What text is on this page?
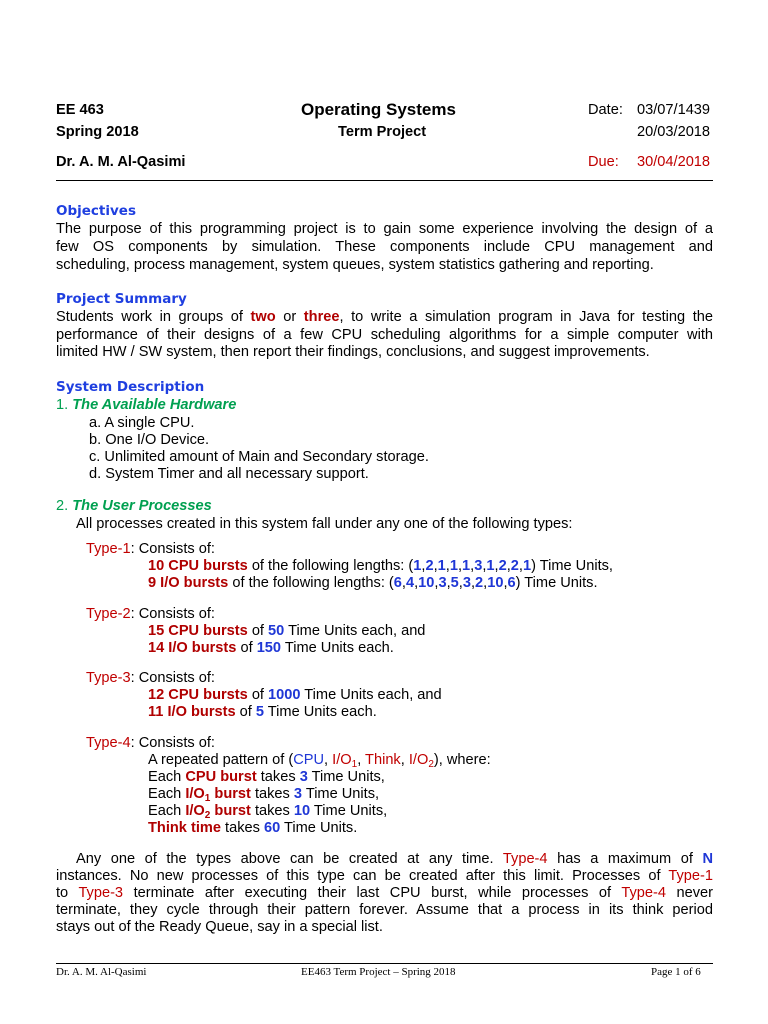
EE 463	Operating Systems	Date: 03/07/1439
Spring 2018	Term Project	20/03/2018
Dr. A. M. Al-Qasimi	Due: 30/04/2018
Objectives
The purpose of this programming project is to gain some experience involving the design of a
few OS components by simulation. These components include CPU management and
scheduling, process management, system queues, system statistics gathering and reporting.
Project Summary
Students work in groups of two or three, to write a simulation program in Java for testing the
performance of their designs of a few CPU scheduling algorithms for a simple computer with
limited HW / SW system, then report their findings, conclusions, and suggest improvements.
System Description
1. The Available Hardware
a. A single CPU.
b. One I/O Device.
c. Unlimited amount of Main and Secondary storage.
d. System Timer and all necessary support.
2. The User Processes
All processes created in this system fall under any one of the following types:
Type-1: Consists of:
10 CPU bursts of the following lengths: (1,2,1,1,1,3,1,2,2,1) Time Units,
9 I/O bursts of the following lengths: (6,4,10,3,5,3,2,10,6) Time Units.
Type-2: Consists of:
15 CPU bursts of 50 Time Units each, and
14 I/O bursts of 150 Time Units each.
Type-3: Consists of:
12 CPU bursts of 1000 Time Units each, and
11 I/O bursts of 5 Time Units each.
Type-4: Consists of:
A repeated pattern of (CPU, $I/O_1$, Think, $I/O_2$), where:
Each CPU burst takes 3 Time Units,
Each $I/O_1$ burst takes 3 Time Units,
Each $I/O_2$ burst takes 10 Time Units,
Think time takes 60 Time Units.
Any one of the types above can be created at any time. Type-4 has a maximum of N
instances. No new processes of this type can be created after this limit. Processes of Type-1
to Type-3 terminate after executing their last CPU burst, while processes of Type-4 never
terminate, they cycle through their pattern forever. Assume that a process in its think period
stays out of the Ready Queue, say in a special list.
Dr. A. M. Al-Qasimi	EE463 Term Project – Spring 2018	Page 1 of 6
